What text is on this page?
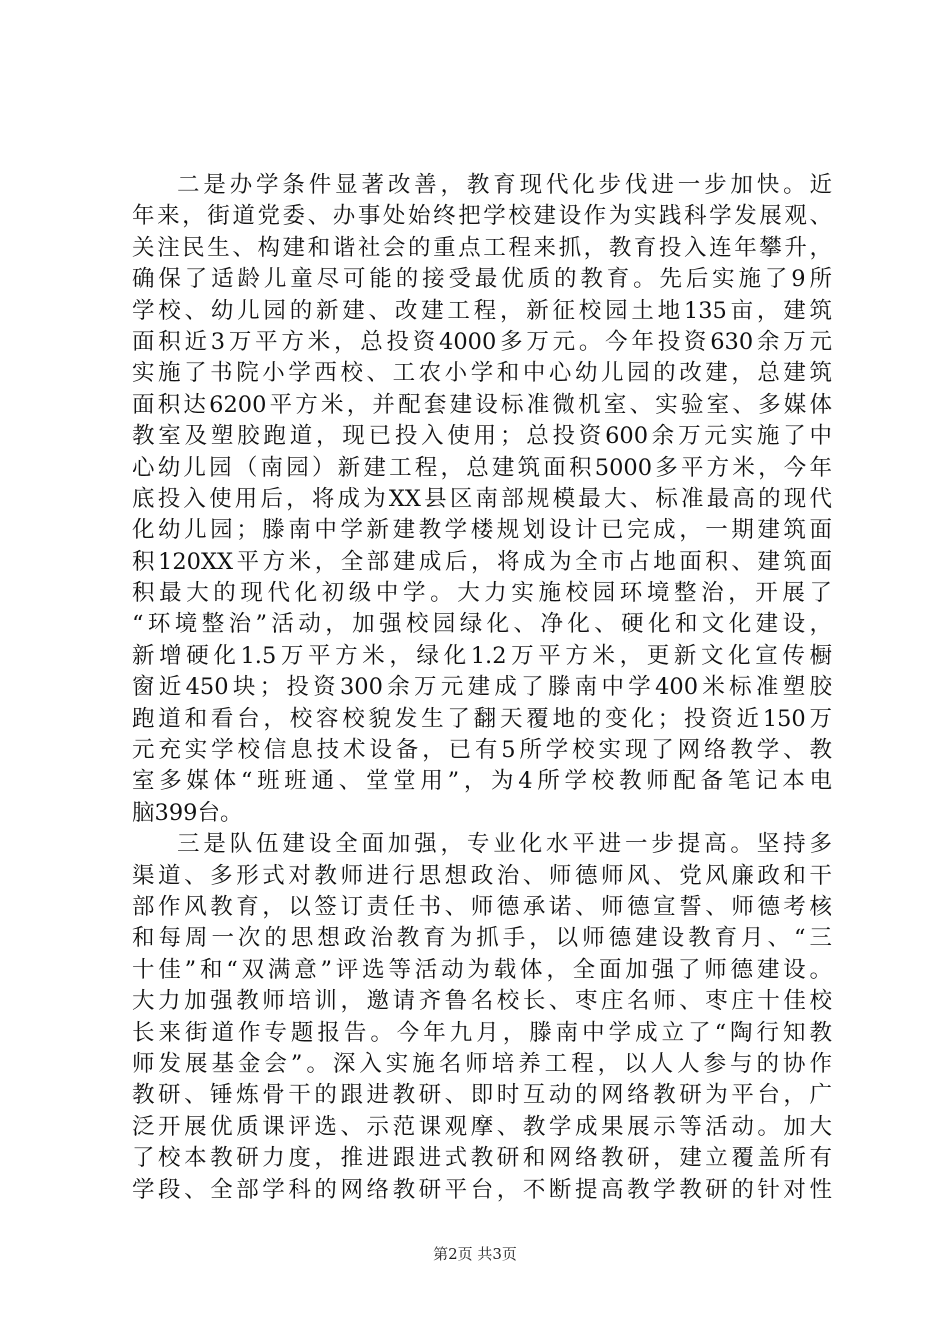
二是办学条件显著改善，教育现代化步伐进一步加快。近
年来，街道党委、办事处始终把学校建设作为实践科学发展观、
关注民生、构建和谐社会的重点工程来抓，教育投入连年攀升，
确保了适龄儿童尽可能的接受最优质的教育。先后实施了9所
学校、幼儿园的新建、改建工程，新征校园土地135亩，建筑
面积近3万平方米，总投资4000多万元。今年投资630余万元
实施了书院小学西校、工农小学和中心幼儿园的改建，总建筑
面积达6200平方米，并配套建设标准微机室、实验室、多媒体
教室及塑胶跑道，现已投入使用；总投资600余万元实施了中
心幼儿园（南园）新建工程，总建筑面积5000多平方米，今年
底投入使用后，将成为XX县区南部规模最大、标准最高的现代
化幼儿园；滕南中学新建教学楼规划设计已完成，一期建筑面
积120XX平方米，全部建成后，将成为全市占地面积、建筑面
积最大的现代化初级中学。大力实施校园环境整治，开展了
“环境整治”活动，加强校园绿化、净化、硬化和文化建设，
新增硬化1.5万平方米，绿化1.2万平方米，更新文化宣传橱
窗近450块；投资300余万元建成了滕南中学400米标准塑胶
跑道和看台，校容校貌发生了翻天覆地的变化；投资近150万
元充实学校信息技术设备，已有5所学校实现了网络教学、教
室多媒体“班班通、堂堂用”，为4所学校教师配备笔记本电
脑399台。
三是队伍建设全面加强，专业化水平进一步提高。坚持多
渠道、多形式对教师进行思想政治、师德师风、党风廉政和干
部作风教育，以签订责任书、师德承诺、师德宣誓、师德考核
和每周一次的思想政治教育为抓手，以师德建设教育月、“三
十佳”和“双满意”评选等活动为载体，全面加强了师德建设。
大力加强教师培训，邀请齐鲁名校长、枣庄名师、枣庄十佳校
长来街道作专题报告。今年九月，滕南中学成立了“陶行知教
师发展基金会”。深入实施名师培养工程，以人人参与的协作
教研、锤炼骨干的跟进教研、即时互动的网络教研为平台，广
泛开展优质课评选、示范课观摩、教学成果展示等活动。加大
了校本教研力度，推进跟进式教研和网络教研，建立覆盖所有
学段、全部学科的网络教研平台，不断提高教学教研的针对性
第2页 共3页
